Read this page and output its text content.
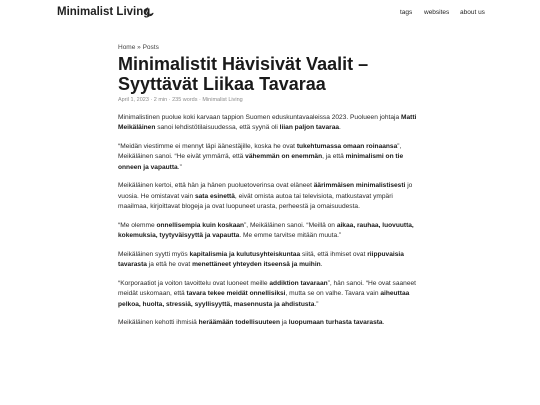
Minimalist Living	tags websites about us
Home » Posts
Minimalistit Hävisivät Vaalit – Syyttävät Liikaa Tavaraa
April 1, 2023 · 2 min · 235 words · Minimalist Living

Minimalistinen puolue koki karvaan tappion Suomen eduskuntavaaleissa 2023. Puolueen johtaja Matti Meikäläinen sanoi lehdistötilaisuudessa, että syynä oli liian paljon tavaraa.

“Meidän viestimme ei mennyt läpi äänestäjille, koska he ovat tukehtumassa omaan roinaansa”, Meikäläinen sanoi. “He eivät ymmärrä, että vähemmän on enemmän, ja että minimalismi on tie onneen ja vapautta.”

Meikäläinen kertoi, että hän ja hänen puoluetoverinsa ovat eläneet äärimmäisen minimalistisesti jo vuosia. He omistavat vain sata esinettä, eivät omista autoa tai televisiota, matkustavat ympäri maailmaa, kirjoittavat blogeja ja ovat luopuneet urasta, perheestä ja omaisuudesta.

“Me olemme onnellisempia kuin koskaan”, Meikäläinen sanoi. “Meillä on aikaa, rauhaa, luovuutta, kokemuksia, tyytyväisyyttä ja vapautta. Me emme tarvitse mitään muuta.”

Meikäläinen syytti myös kapitalismia ja kulutusyhteiskuntaa siitä, että ihmiset ovat riippuvaisia tavarasta ja että he ovat menettäneet yhteyden itseensä ja muihin.

“Korporaatiot ja voiton tavoittelu ovat luoneet meille addiktion tavaraan”, hän sanoi. “He ovat saaneet meidät uskomaan, että tavara tekee meidät onnellisiksi, mutta se on valhe. Tavara vain aiheuttaa pelkoa, huolta, stressiä, syyllisyyttä, masennusta ja ahdistusta.”

Meikäläinen kehotti ihmisiä heräämään todellisuuteen ja luopumaan turhasta tavarasta.
